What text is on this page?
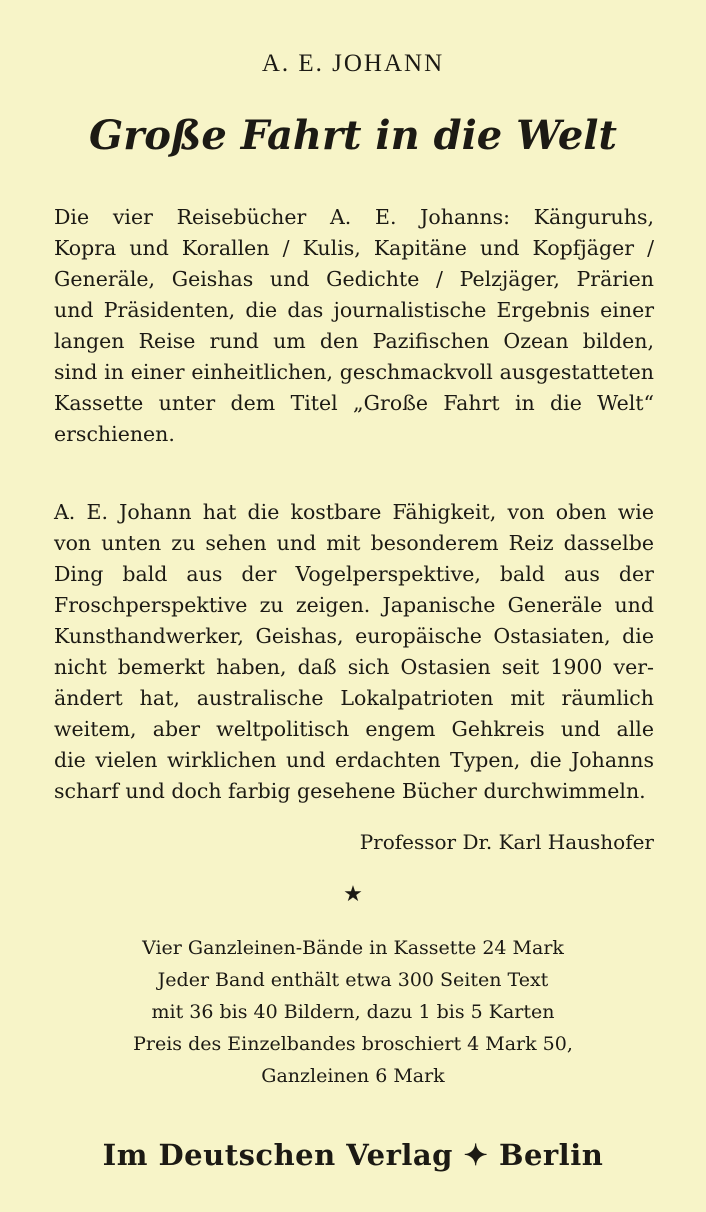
A. E. JOHANN
Große Fahrt in die Welt

Die vier Reisebücher A. E. Johanns: Känguruhs,
Kopra und Korallen / Kulis, Kapitäne und Kopfjäger /
Generäle, Geishas und Gedichte / Pelzjäger, Prärien
und Präsidenten, die das journalistische Ergebnis einer
langen Reise rund um den Pazifischen Ozean bilden,
sind in einer einheitlichen, geschmackvoll ausgestatteten
Kassette unter dem Titel „Große Fahrt in die Welt“
erschienen.

A. E. Johann hat die kostbare Fähigkeit, von oben wie
von unten zu sehen und mit besonderem Reiz dasselbe
Ding bald aus der Vogelperspektive, bald aus der
Froschperspektive zu zeigen. Japanische Generäle und
Kunsthandwerker, Geishas, europäische Ostasiaten, die
nicht bemerkt haben, daß sich Ostasien seit 1900 ver-
ändert hat, australische Lokalpatrioten mit räumlich
weitem, aber weltpolitisch engem Gehkreis und alle
die vielen wirklichen und erdachten Typen, die Johanns
scharf und doch farbig gesehene Bücher durchwimmeln.

Professor Dr. Karl Haushofer
★
Vier Ganzleinen-Bände in Kassette 24 Mark
Jeder Band enthält etwa 300 Seiten Text
mit 36 bis 40 Bildern, dazu 1 bis 5 Karten
Preis des Einzelbandes broschiert 4 Mark 50,
Ganzleinen 6 Mark
Im Deutschen Verlag ✦ Berlin
